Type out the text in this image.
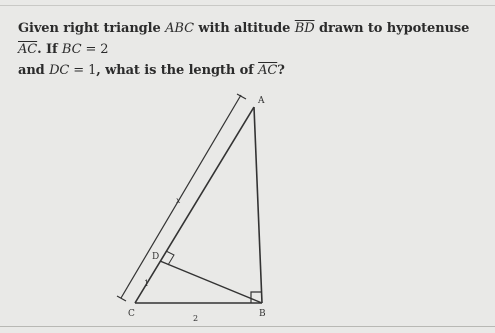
Given right triangle ABC with altitude $\overline{BD}$ drawn to hypotenuse $\overline{AC}$. If BC = 2
and DC = 1, what is the length of $\overline{AC}$?
A
B
C
D
x
1
2
